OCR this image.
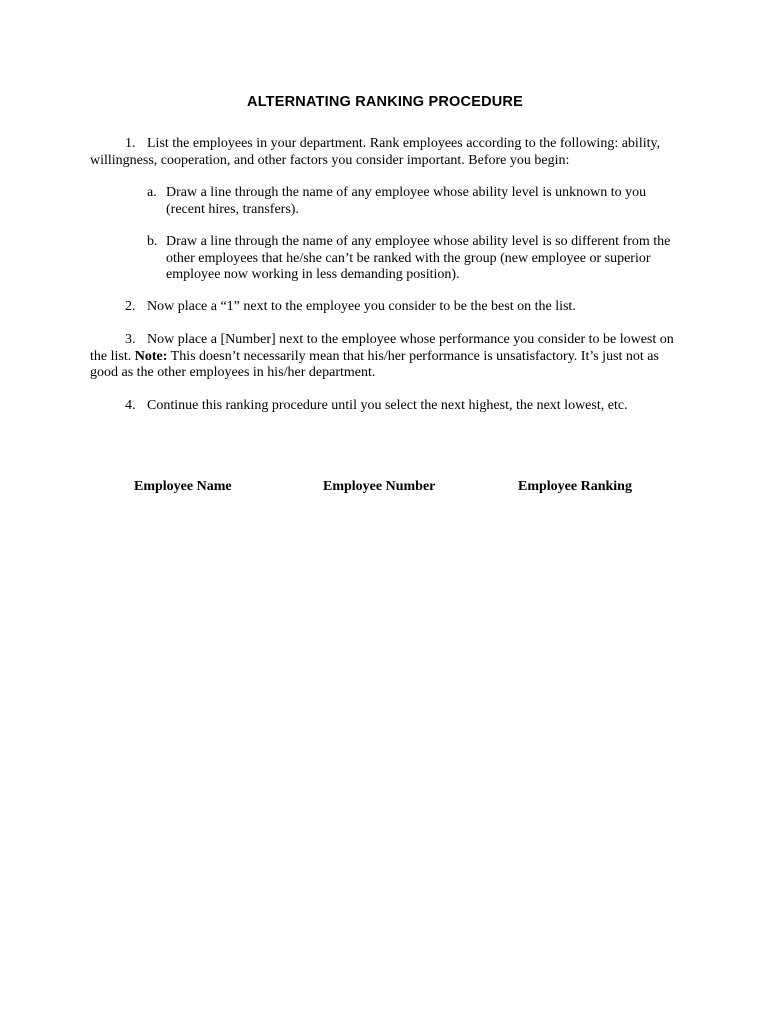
ALTERNATING RANKING PROCEDURE
1. List the employees in your department. Rank employees according to the following: ability, willingness, cooperation, and other factors you consider important. Before you begin:
a. Draw a line through the name of any employee whose ability level is unknown to you (recent hires, transfers).
b. Draw a line through the name of any employee whose ability level is so different from the other employees that he/she can’t be ranked with the group (new employee or superior employee now working in less demanding position).
2. Now place a “1” next to the employee you consider to be the best on the list.
3. Now place a [Number] next to the employee whose performance you consider to be lowest on the list. Note: This doesn’t necessarily mean that his/her performance is unsatisfactory. It’s just not as good as the other employees in his/her department.
4. Continue this ranking procedure until you select the next highest, the next lowest, etc.
Employee Name	Employee Number	Employee Ranking
